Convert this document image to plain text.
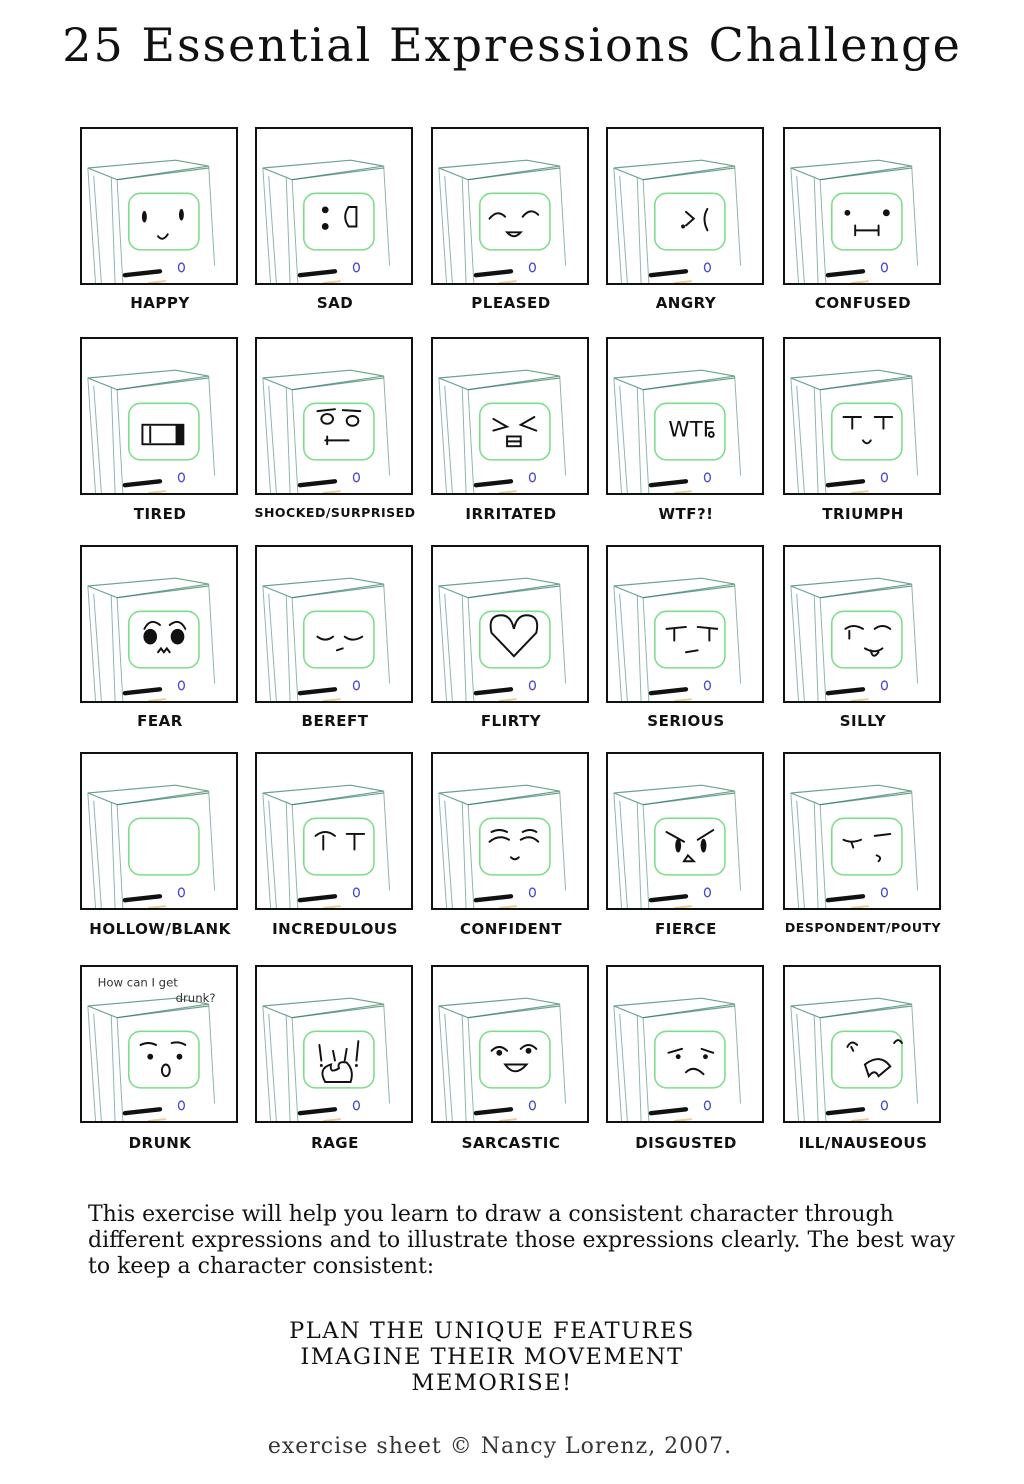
25 Essential Expressions Challenge
HAPPY	SAD	PLEASED	ANGRY	CONFUSED
TIRED	SHOCKED/SURPRISED	IRRITATED
WTF
WTF?!	TRIUMPH
FEAR	BEREFT	FLIRTY	SERIOUS	SILLY
HOLLOW/BLANK	INCREDULOUS	CONFIDENT	FIERCE	DESPONDENT/POUTY
How can I get
drunk?
DRUNK	RAGE	SARCASTIC	DISGUSTED	ILL/NAUSEOUS
This exercise will help you learn to draw a consistent character through different expressions and to illustrate those expressions clearly. The best way to keep a character consistent:
PLAN THE UNIQUE FEATURES
IMAGINE THEIR MOVEMENT
MEMORISE!
exercise sheet © Nancy Lorenz, 2007.
